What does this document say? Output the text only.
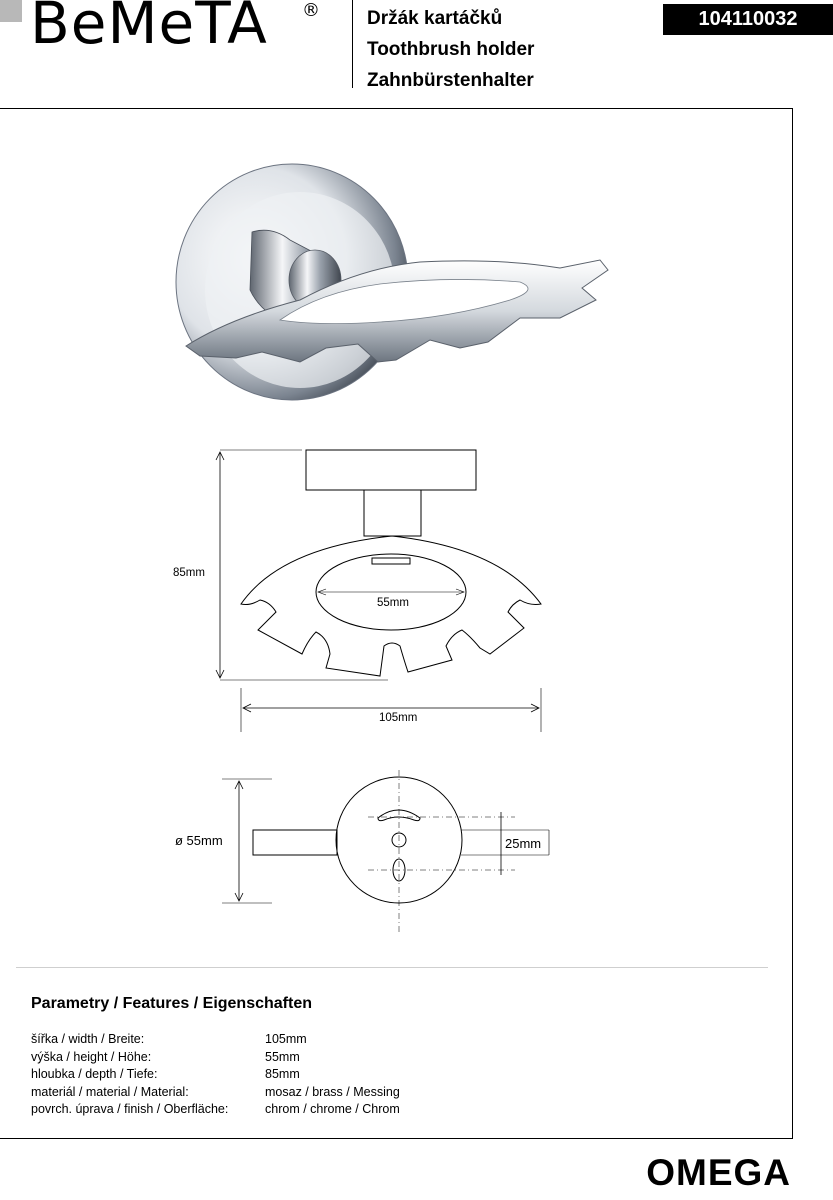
BeMeTA ® Držák kartáčků
Toothbrush holder
Zahnbürstenhalter
104110032
85mm
55mm
105mm
ø 55mm	25mm
Parametry / Features / Eigenschaften
šířka / width / Breite:	105mm
výška / height / Höhe:	55mm
hloubka / depth / Tiefe:	85mm
materiál / material / Material:	mosaz / brass / Messing
povrch. úprava / finish / Oberfläche:	chrom / chrome / Chrom
OMEGA
